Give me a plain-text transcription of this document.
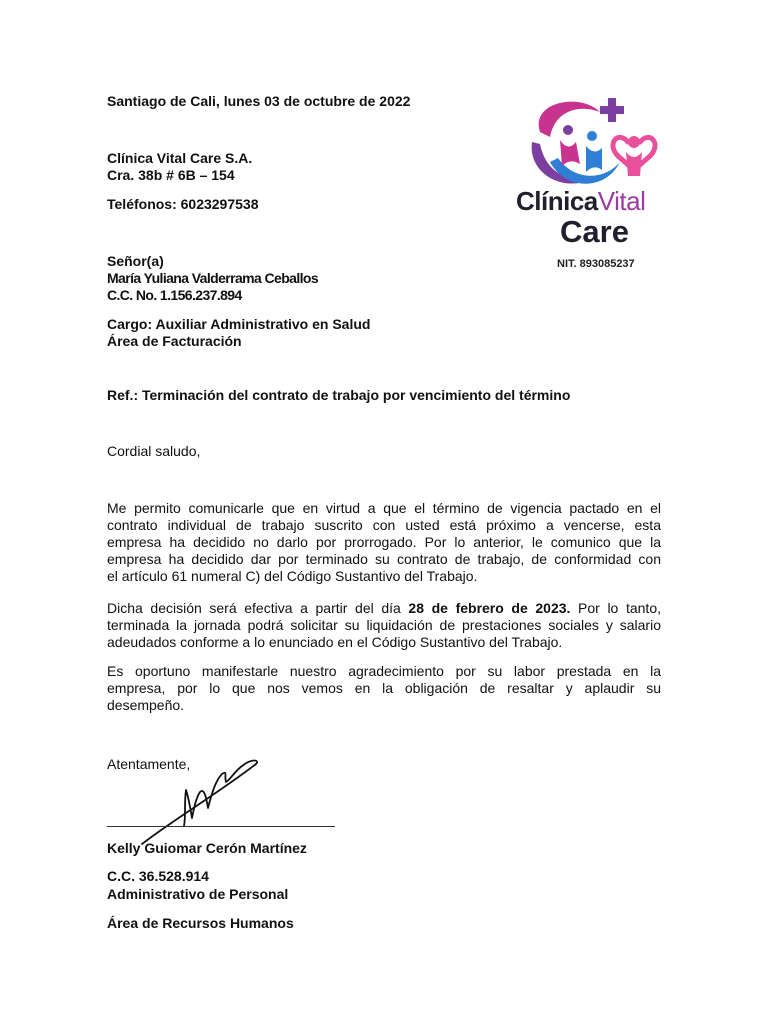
Santiago de Cali, lunes 03 de octubre de 2022
Clínica Vital Care S.A.
Cra. 38b # 6B – 154
Teléfonos: 6023297538	ClínicaVital
Care
NIT. 893085237
Señor(a)
María Yuliana Valderrama Ceballos
C.C. No. 1.156.237.894
Cargo: Auxiliar Administrativo en Salud
Área de Facturación
Ref.: Terminación del contrato de trabajo por vencimiento del término
Cordial saludo,
Me permito comunicarle que en virtud a que el término de vigencia pactado en el
contrato individual de trabajo suscrito con usted está próximo a vencerse, esta
empresa ha decidido no darlo por prorrogado. Por lo anterior, le comunico que la
empresa ha decidido dar por terminado su contrato de trabajo, de conformidad con
el artículo 61 numeral C) del Código Sustantivo del Trabajo.
Dicha decisión será efectiva a partir del día 28 de febrero de 2023. Por lo tanto,
terminada la jornada podrá solicitar su liquidación de prestaciones sociales y salario
adeudados conforme a lo enunciado en el Código Sustantivo del Trabajo.
Es oportuno manifestarle nuestro agradecimiento por su labor prestada en la
empresa, por lo que nos vemos en la obligación de resaltar y aplaudir su
desempeño.
Atentamente,
Kelly Guiomar Cerón Martínez
C.C. 36.528.914
Administrativo de Personal
Área de Recursos Humanos
